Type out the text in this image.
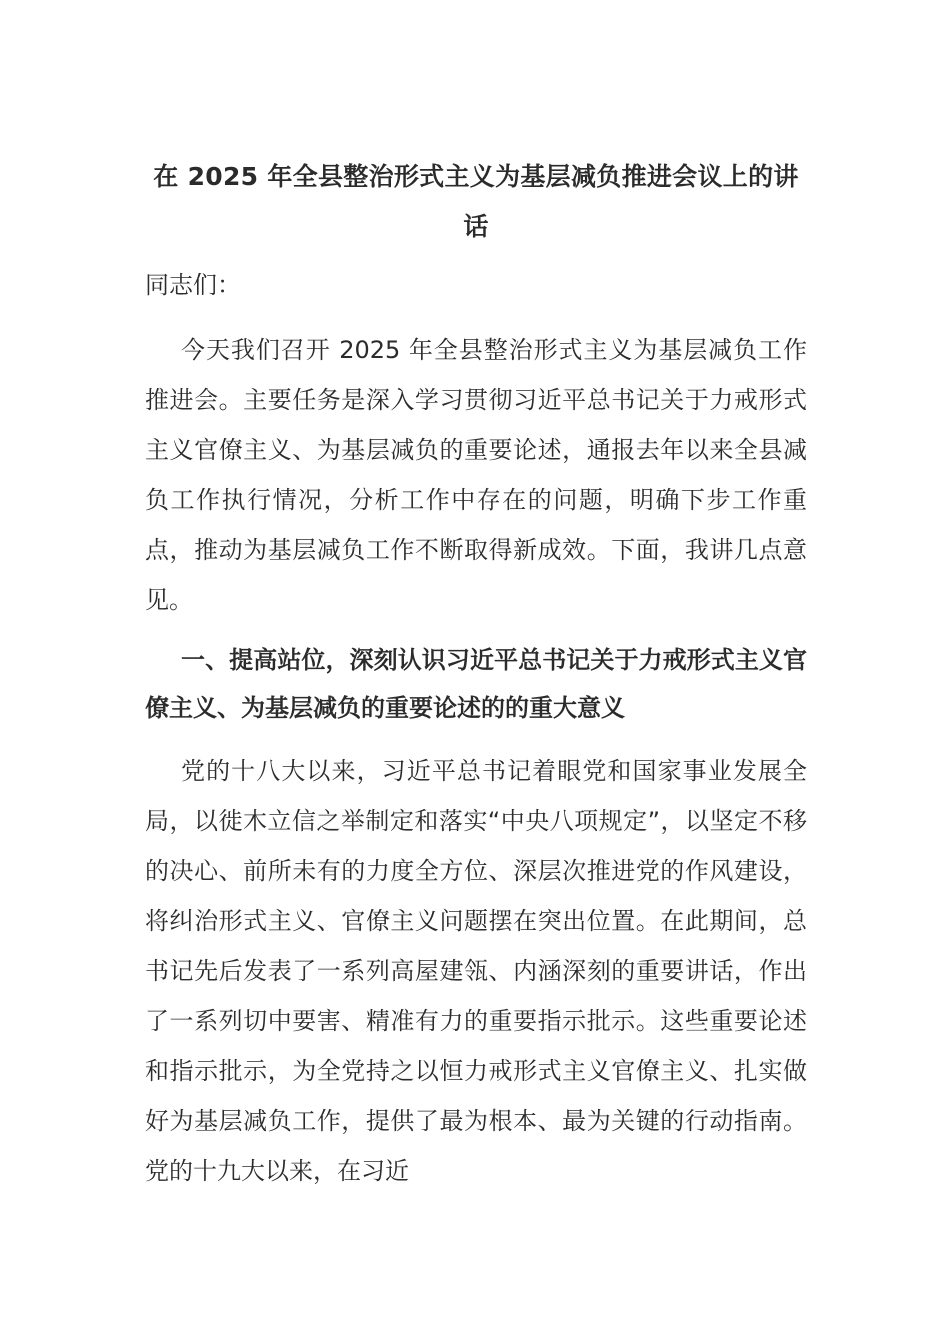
在 2025 年全县整治形式主义为基层减负推进会议上的讲话

同志们：

今天我们召开 2025 年全县整治形式主义为基层减负工作推进会。主要任务是深入学习贯彻习近平总书记关于力戒形式主义官僚主义、为基层减负的重要论述，通报去年以来全县减负工作执行情况，分析工作中存在的问题，明确下步工作重点，推动为基层减负工作不断取得新成效。下面，我讲几点意见。

一、提高站位，深刻认识习近平总书记关于力戒形式主义官僚主义、为基层减负的重要论述的的重大意义

党的十八大以来，习近平总书记着眼党和国家事业发展全局，以徙木立信之举制定和落实“中央八项规定”，以坚定不移的决心、前所未有的力度全方位、深层次推进党的作风建设，将纠治形式主义、官僚主义问题摆在突出位置。在此期间，总书记先后发表了一系列高屋建瓴、内涵深刻的重要讲话，作出了一系列切中要害、精准有力的重要指示批示。这些重要论述和指示批示，为全党持之以恒力戒形式主义官僚主义、扎实做好为基层减负工作，提供了最为根本、最为关键的行动指南。党的十九大以来，在习近
